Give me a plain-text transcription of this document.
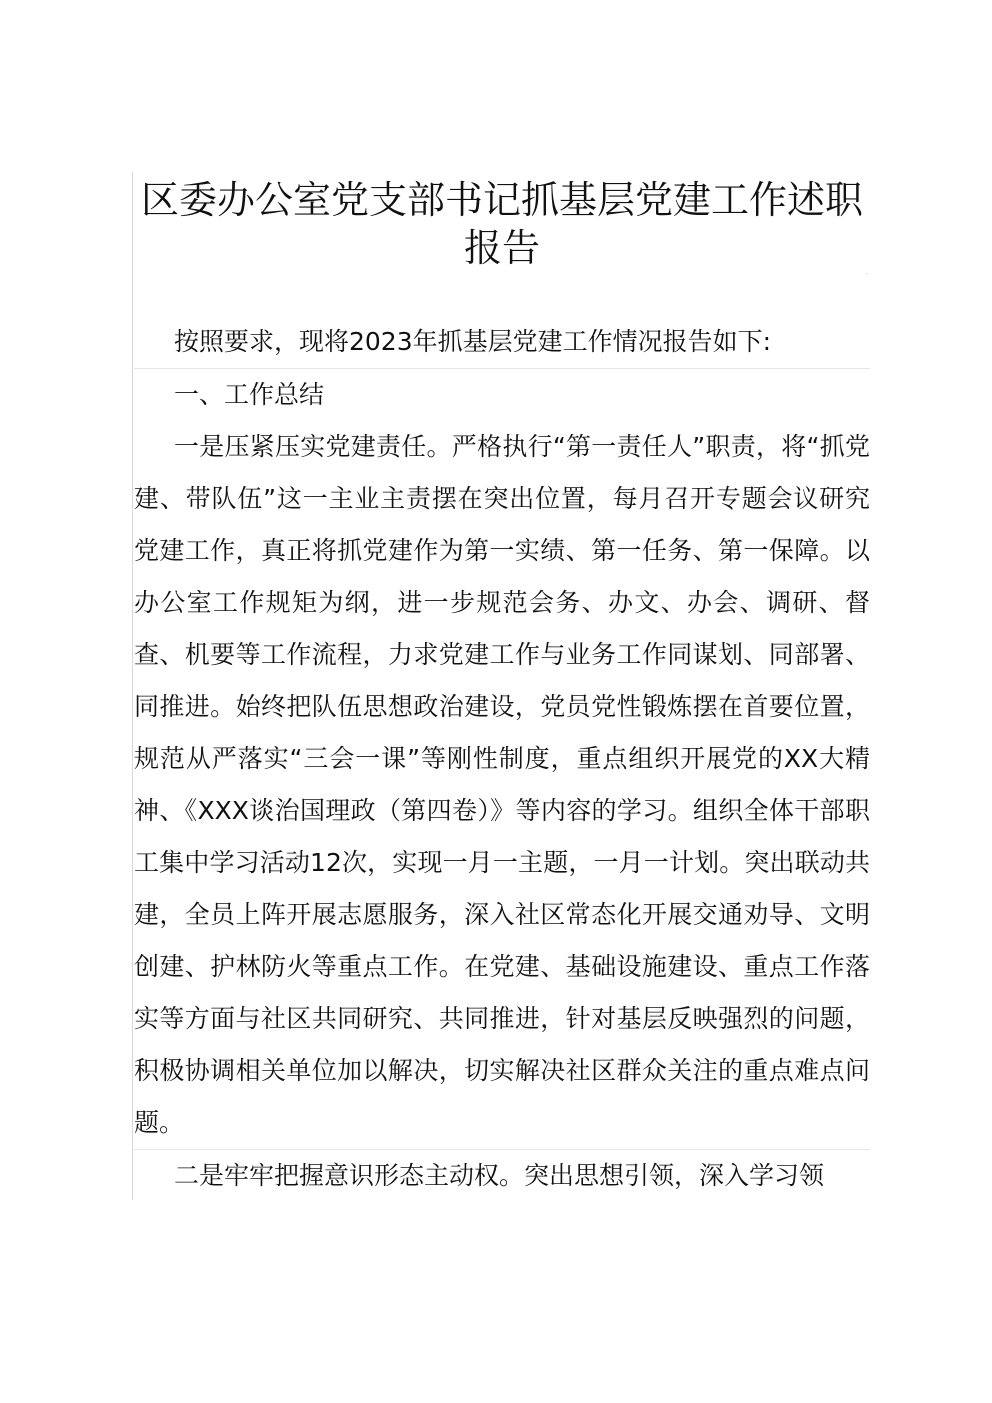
区委办公室党支部书记抓基层党建工作述职报告
.

按照要求，现将2023年抓基层党建工作情况报告如下:

一、工作总结

一是压紧压实党建责任。严格执行“第一责任人”职责，将“抓党建、带队伍”这一主业主责摆在突出位置，每月召开专题会议研究党建工作，真正将抓党建作为第一实绩、第一任务、第一保障。以办公室工作规矩为纲，进一步规范会务、办文、办会、调研、督查、机要等工作流程，力求党建工作与业务工作同谋划、同部署、同推进。始终把队伍思想政治建设，党员党性锻炼摆在首要位置，规范从严落实“三会一课”等刚性制度，重点组织开展党的XX大精神、《XXX谈治国理政（第四卷）》等内容的学习。组织全体干部职工集中学习活动12次，实现一月一主题，一月一计划。突出联动共建，全员上阵开展志愿服务，深入社区常态化开展交通劝导、文明创建、护林防火等重点工作。在党建、基础设施建设、重点工作落实等方面与社区共同研究、共同推进，针对基层反映强烈的问题，积极协调相关单位加以解决，切实解决社区群众关注的重点难点问题。

二是牢牢把握意识形态主动权。突出思想引领，深入学习领
